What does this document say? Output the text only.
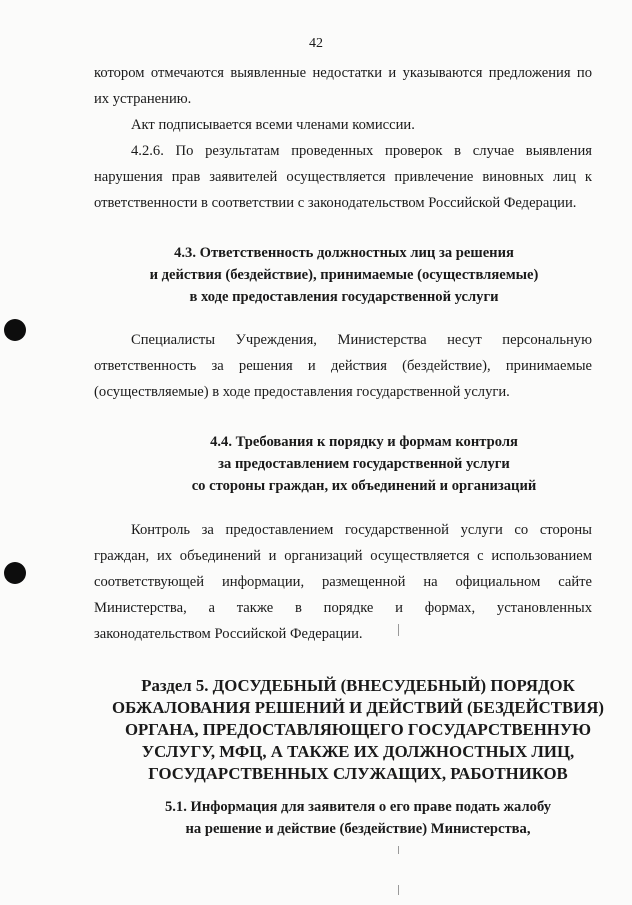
42

котором отмечаются выявленные недостатки и указываются предложения по

их устранению.

Акт подписывается всеми членами комиссии.

4.2.6. По результатам проведенных проверок в случае выявления

нарушения прав заявителей осуществляется привлечение виновных лиц к

ответственности в соответствии с законодательством Российской Федерации.

4.3. Ответственность должностных лиц за решения

и действия (бездействие), принимаемые (осуществляемые)

в ходе предоставления государственной услуги

Специалисты Учреждения, Министерства несут персональную

ответственность за решения и действия (бездействие), принимаемые

(осуществляемые) в ходе предоставления государственной услуги.

4.4. Требования к порядку и формам контроля

за предоставлением государственной услуги

со стороны граждан, их объединений и организаций

Контроль за предоставлением государственной услуги со стороны

граждан, их объединений и организаций осуществляется с использованием

соответствующей информации, размещенной на официальном сайте

Министерства, а также в порядке и формах, установленных

законодательством Российской Федерации.

Раздел 5. ДОСУДЕБНЫЙ (ВНЕСУДЕБНЫЙ) ПОРЯДОК

ОБЖАЛОВАНИЯ РЕШЕНИЙ И ДЕЙСТВИЙ (БЕЗДЕЙСТВИЯ)

ОРГАНА, ПРЕДОСТАВЛЯЮЩЕГО ГОСУДАРСТВЕННУЮ

УСЛУГУ, МФЦ, А ТАКЖЕ ИХ ДОЛЖНОСТНЫХ ЛИЦ,

ГОСУДАРСТВЕННЫХ СЛУЖАЩИХ, РАБОТНИКОВ

5.1. Информация для заявителя о его праве подать жалобу

на решение и действие (бездействие) Министерства,
